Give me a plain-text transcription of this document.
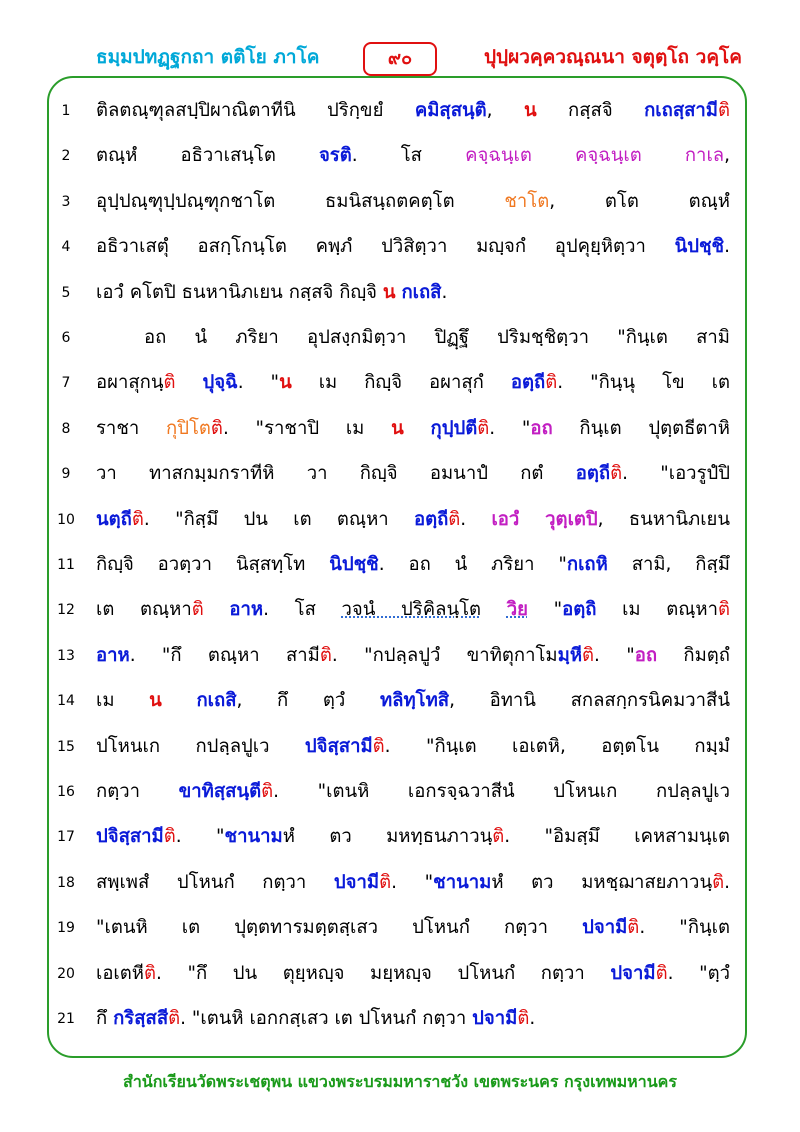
ธมฺมปทฏฺฐกถา ตติโย ภาโค	๙๐	ปุปฺผวคฺควณฺณนา จตุตฺโถ วคฺโค
1 ติลตณฺฑุลสปฺปิผาณิตาทีนิ ปริกฺขยํ คมิสฺสนฺติ, น กสฺสจิ กเถสฺสามีติ
2 ตณฺหํ อธิวาเสนฺโต จรติ. โส คจฺฉนฺเต คจฺฉนฺเต กาเล,
3 อุปฺปณฺฑุปฺปณฺฑุกชาโต ธมนิสนฺถตคตฺโต ชาโต, ตโต ตณฺหํ
4 อธิวาเสตุํ อสกฺโกนฺโต คพฺภํ ปวิสิตฺวา มญฺจกํ อุปคุยฺหิตฺวา นิปชฺชิ.
5 เอวํ คโตปิ ธนหานิภเยน กสฺสจิ กิญฺจิ น กเถสิ.
6	อถ นํ ภริยา อุปสงฺกมิตฺวา ปิฏฺฐึ ปริมชฺชิตฺวา "กินฺเต สามิ
7 อผาสุกนฺติ ปุจฺฉิ. "น เม กิญฺจิ อผาสุกํ อตฺถีติ. "กินฺนุ โข เต
8 ราชา กุปิโตติ. "ราชาปิ เม น กุปฺปตีติ. "อถ กินฺเต ปุตฺตธีตาหิ
9 วา ทาสกมฺมกราทีหิ วา กิญฺจิ อมนาปํ กตํ อตฺถีติ. "เอวรูปํปิ
10 นตฺถีติ. "กิสฺมึ ปน เต ตณฺหา อตฺถีติ. เอวํ วุตฺเตปิ, ธนหานิภเยน
11 กิญฺจิ อวตฺวา นิสฺสทฺโท นิปชฺชิ. อถ นํ ภริยา "กเถหิ สามิ, กิสฺมึ
12 เต ตณฺหาติ อาห. โส วจนํ ปริคิลนฺโต วิย "อตฺถิ เม ตณฺหาติ
13 อาห. "กึ ตณฺหา สามีติ. "กปลฺลปูวํ ขาทิตุกาโมมฺหีติ. "อถ กิมตฺถํ
14 เม น กเถสิ, กึ ตฺวํ ทลิทฺโทสิ, อิทานิ สกลสกฺกรนิคมวาสีนํ
15 ปโหนเก กปลฺลปูเว ปจิสฺสามีติ. "กินฺเต เอเตหิ, อตฺตโน กมฺมํ
16 กตฺวา ขาทิสฺสนฺตีติ. "เตนหิ เอกรจฺฉวาสีนํ ปโหนเก กปลฺลปูเว
17 ปจิสฺสามีติ. "ชานามหํ ตว มหทฺธนภาวนฺติ. "อิมสฺมึ เคหสามนฺเต
18 สพฺเพสํ ปโหนกํ กตฺวา ปจามีติ. "ชานามหํ ตว มหชฺฌาสยภาวนฺติ.
19 "เตนหิ เต ปุตฺตทารมตฺตสฺเสว ปโหนกํ กตฺวา ปจามีติ. "กินฺเต
20 เอเตหีติ. "กึ ปน ตุยฺหญฺจ มยฺหญฺจ ปโหนกํ กตฺวา ปจามีติ. "ตฺวํ
21 กึ กริสฺสสีติ. "เตนหิ เอกกสฺเสว เต ปโหนกํ กตฺวา ปจามีติ.
สำนักเรียนวัดพระเชตุพน แขวงพระบรมมหาราชวัง เขตพระนคร กรุงเทพมหานคร
